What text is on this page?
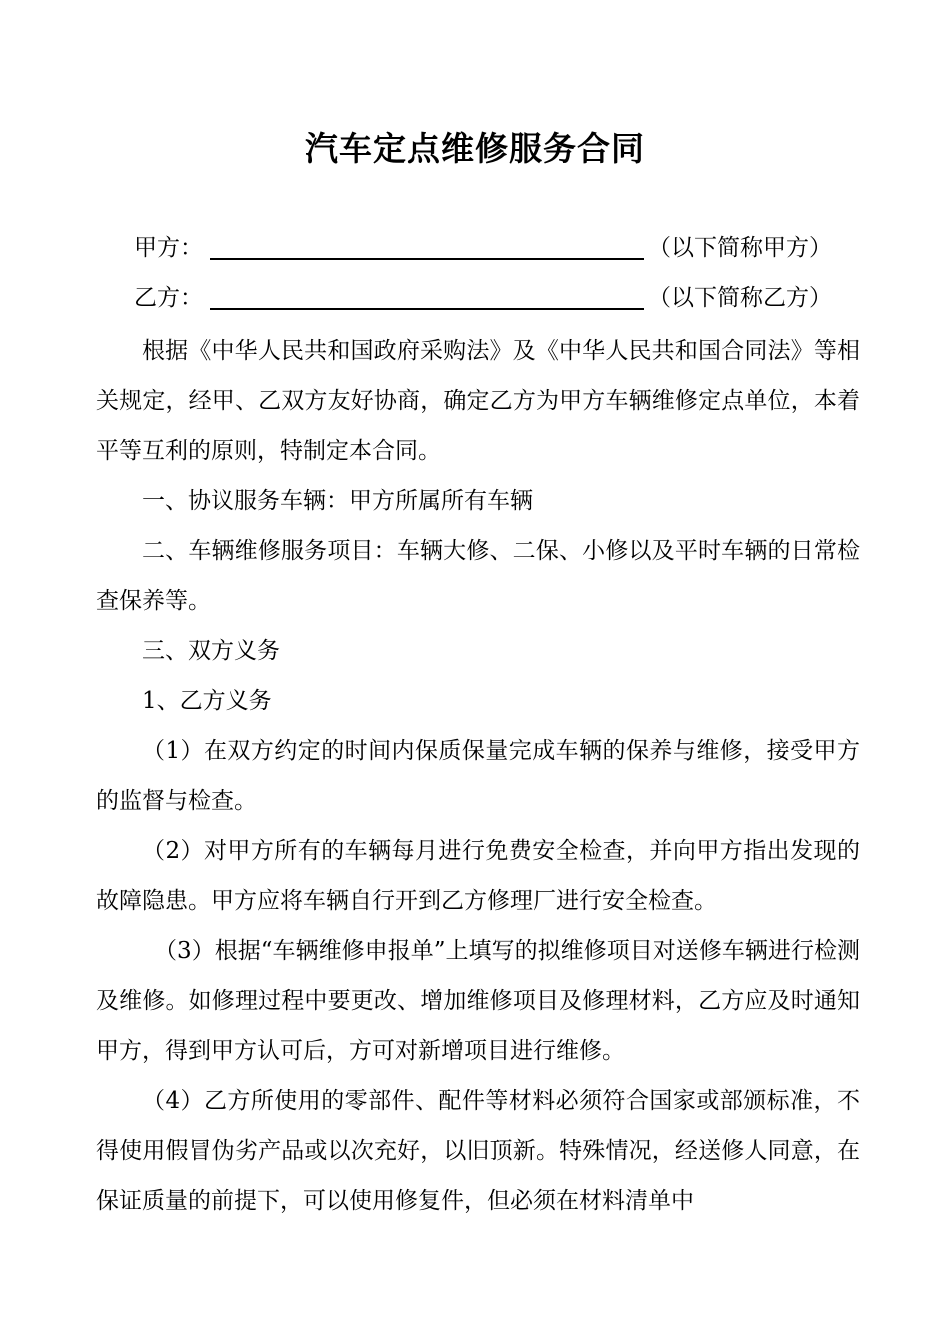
汽车定点维修服务合同
甲方：	（以下简称甲方）
乙方：	（以下简称乙方）

根据《中华人民共和国政府采购法》及《中华人民共和国合同法》等相关规定，经甲、乙双方友好协商，确定乙方为甲方车辆维修定点单位，本着平等互利的原则，特制定本合同。

一、协议服务车辆：甲方所属所有车辆

二、车辆维修服务项目：车辆大修、二保、小修以及平时车辆的日常检查保养等。

三、双方义务

1、乙方义务

（1）在双方约定的时间内保质保量完成车辆的保养与维修，接受甲方的监督与检查。

（2）对甲方所有的车辆每月进行免费安全检查，并向甲方指出发现的故障隐患。甲方应将车辆自行开到乙方修理厂进行安全检查。

（3）根据“车辆维修申报单”上填写的拟维修项目对送修车辆进行检测及维修。如修理过程中要更改、增加维修项目及修理材料，乙方应及时通知甲方，得到甲方认可后，方可对新增项目进行维修。

（4）乙方所使用的零部件、配件等材料必须符合国家或部颁标准，不得使用假冒伪劣产品或以次充好，以旧顶新。特殊情况，经送修人同意，在保证质量的前提下，可以使用修复件，但必须在材料清单中
